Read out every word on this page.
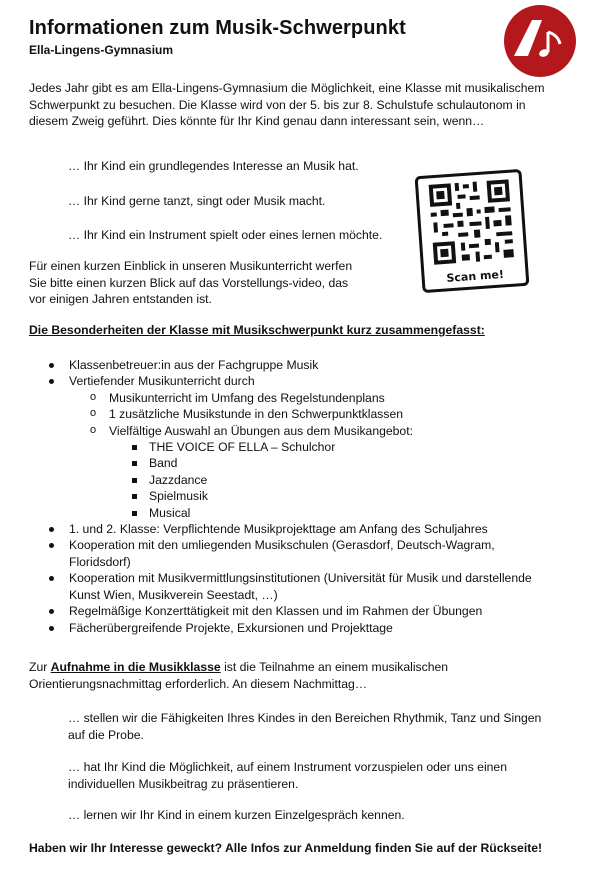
Informationen zum Musik-Schwerpunkt
Ella-Lingens-Gymnasium
Jedes Jahr gibt es am Ella-Lingens-Gymnasium die Möglichkeit, eine Klasse mit musikalischem Schwerpunkt zu besuchen. Die Klasse wird von der 5. bis zur 8. Schulstufe schulautonom in diesem Zweig geführt. Dies könnte für Ihr Kind genau dann interessant sein, wenn…
… Ihr Kind ein grundlegendes Interesse an Musik hat.
… Ihr Kind gerne tanzt, singt oder Musik macht.
… Ihr Kind ein Instrument spielt oder eines lernen möchte.
Für einen kurzen Einblick in unseren Musikunterricht werfen Sie bitte einen kurzen Blick auf das Vorstellungs-video, das vor einigen Jahren entstanden ist.
Scan me!
Die Besonderheiten der Klasse mit Musikschwerpunkt kurz zusammengefasst:
Klassenbetreuer:in aus der Fachgruppe Musik
Vertiefender Musikunterricht durch
o Musikunterricht im Umfang des Regelstundenplans
o 1 zusätzliche Musikstunde in den Schwerpunktklassen
o Vielfältige Auswahl an Übungen aus dem Musikangebot:
THE VOICE OF ELLA – Schulchor
Band
Jazzdance
Spielmusik
Musical
1. und 2. Klasse: Verpflichtende Musikprojekttage am Anfang des Schuljahres
Kooperation mit den umliegenden Musikschulen (Gerasdorf, Deutsch-Wagram, Floridsdorf)
Kooperation mit Musikvermittlungsinstitutionen (Universität für Musik und darstellende Kunst Wien, Musikverein Seestadt, …)
Regelmäßige Konzerttätigkeit mit den Klassen und im Rahmen der Übungen
Fächerübergreifende Projekte, Exkursionen und Projekttage
Zur Aufnahme in die Musikklasse ist die Teilnahme an einem musikalischen Orientierungsnachmittag erforderlich. An diesem Nachmittag…
… stellen wir die Fähigkeiten Ihres Kindes in den Bereichen Rhythmik, Tanz und Singen auf die Probe.
… hat Ihr Kind die Möglichkeit, auf einem Instrument vorzuspielen oder uns einen individuellen Musikbeitrag zu präsentieren.
… lernen wir Ihr Kind in einem kurzen Einzelgespräch kennen.
Haben wir Ihr Interesse geweckt? Alle Infos zur Anmeldung finden Sie auf der Rückseite!
